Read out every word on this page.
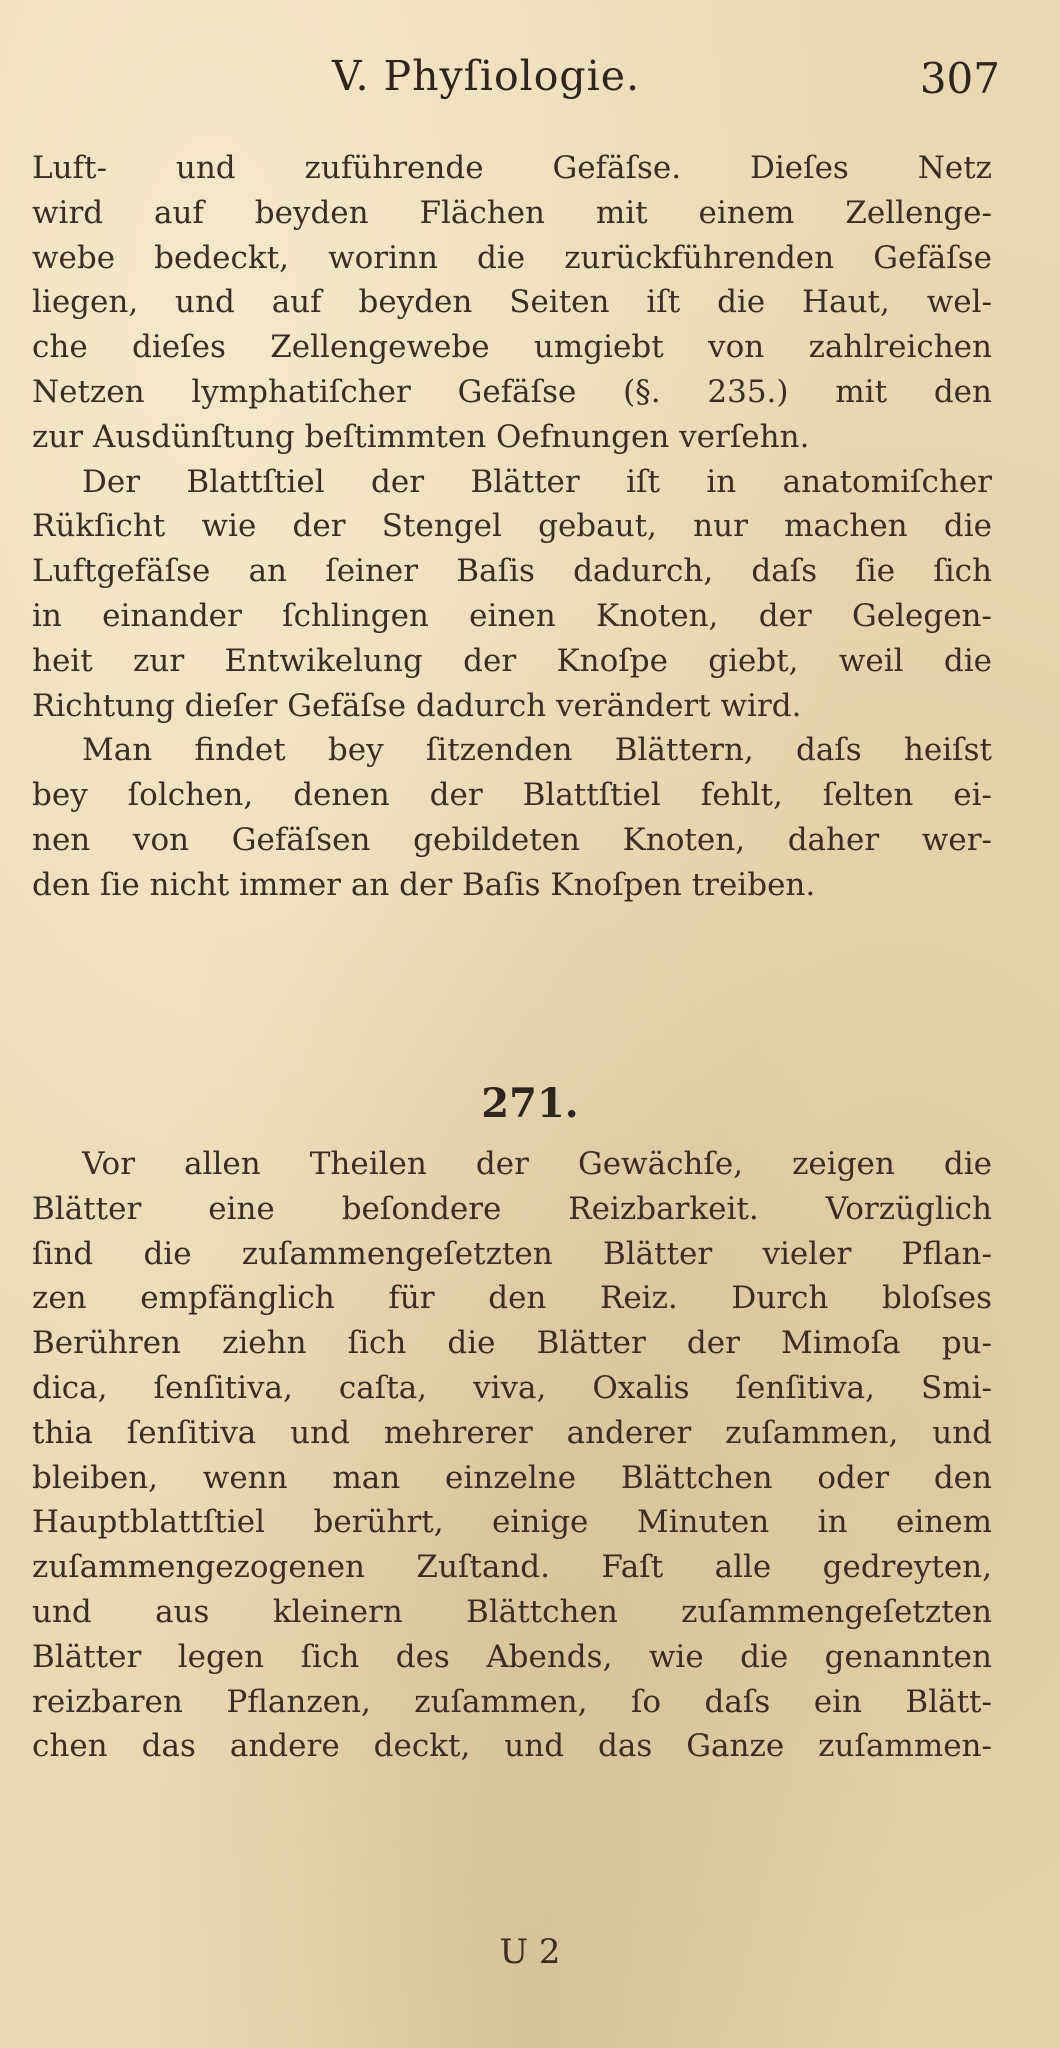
V. Phyſiologie.	307
Luft- und zuführende Gefäſse. Dieſes Netz
wird auf beyden Flächen mit einem Zellenge-
webe bedeckt, worinn die zurückführenden Gefäſse
liegen, und auf beyden Seiten iſt die Haut, wel-
che dieſes Zellengewebe umgiebt von zahlreichen
Netzen lymphatiſcher Gefäſse (§. 235.) mit den
zur Ausdünſtung beſtimmten Oefnungen verſehn.
Der Blattſtiel der Blätter iſt in anatomiſcher
Rükſicht wie der Stengel gebaut, nur machen die
Luftgefäſse an ſeiner Baſis dadurch, daſs ſie ſich
in einander ſchlingen einen Knoten, der Gelegen-
heit zur Entwikelung der Knoſpe giebt, weil die
Richtung dieſer Gefäſse dadurch verändert wird.
Man findet bey ſitzenden Blättern, daſs heiſst
bey ſolchen, denen der Blattſtiel fehlt, ſelten ei-
nen von Gefäſsen gebildeten Knoten, daher wer-
den ſie nicht immer an der Baſis Knoſpen treiben.
271.
Vor allen Theilen der Gewächſe, zeigen die
Blätter eine beſondere Reizbarkeit. Vorzüglich
ſind die zuſammengeſetzten Blätter vieler Pflan-
zen empfänglich für den Reiz. Durch bloſses
Berühren ziehn ſich die Blätter der Mimoſa pu-
dica, ſenſitiva, caſta, viva, Oxalis ſenſitiva, Smi-
thia ſenſitiva und mehrerer anderer zuſammen, und
bleiben, wenn man einzelne Blättchen oder den
Hauptblattſtiel berührt, einige Minuten in einem
zuſammengezogenen Zuſtand. Faſt alle gedreyten,
und aus kleinern Blättchen zuſammengeſetzten
Blätter legen ſich des Abends, wie die genannten
reizbaren Pflanzen, zuſammen, ſo daſs ein Blätt-
chen das andere deckt, und das Ganze zuſammen-
U 2
